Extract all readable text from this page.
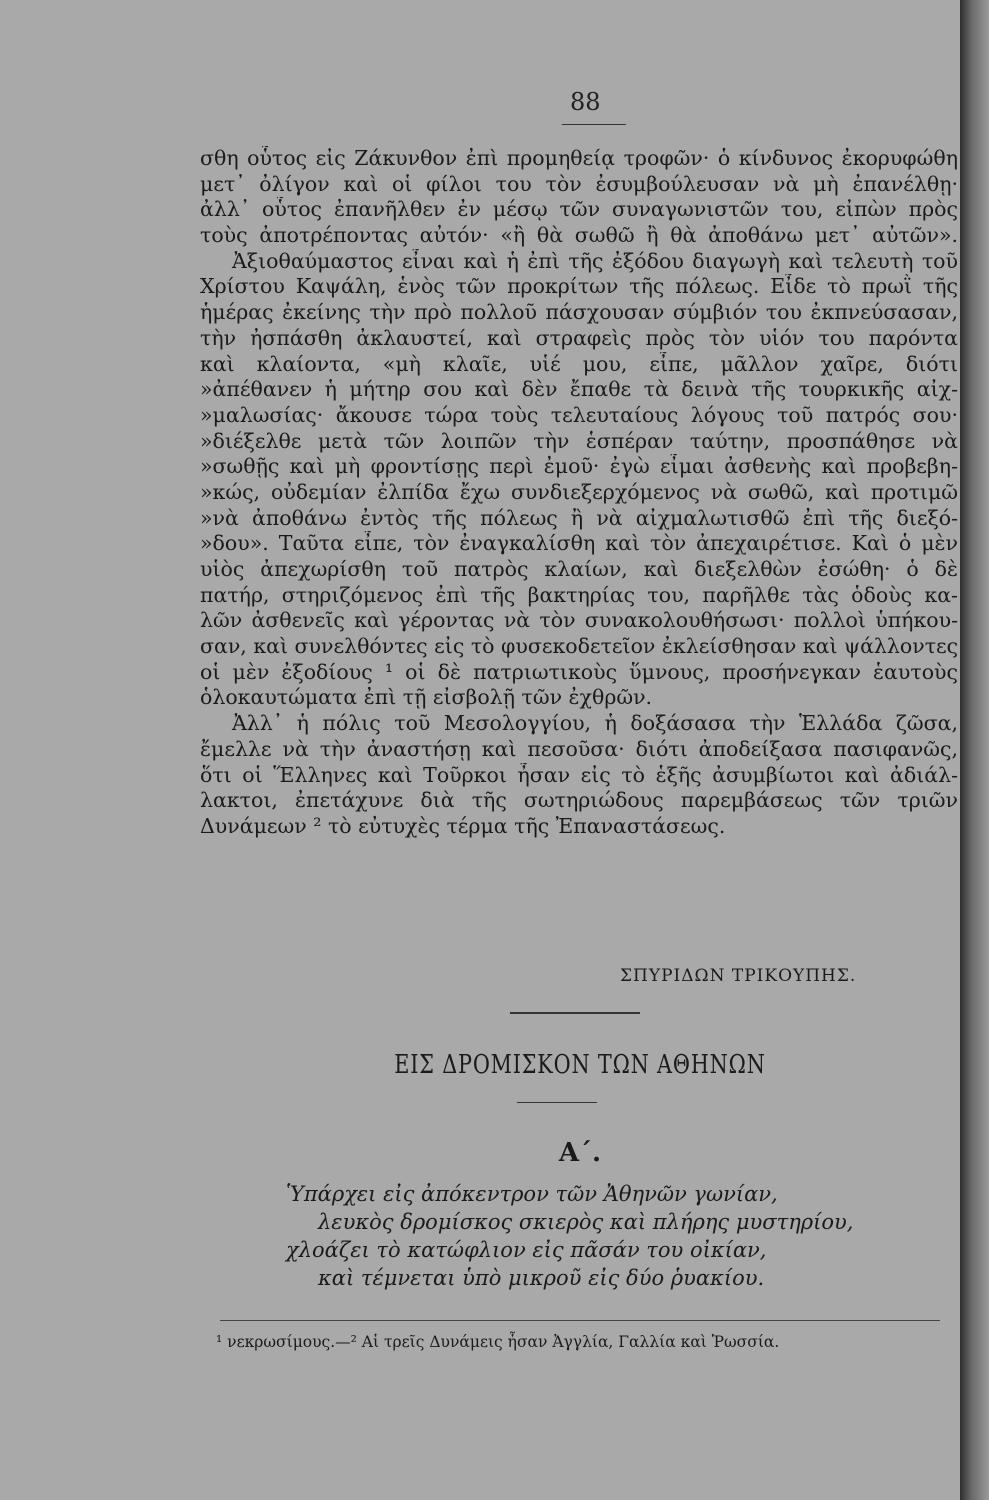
88
σθη οὗτος εἰς Ζάκυνθον ἐπὶ προμηθείᾳ τροφῶν· ὁ κίνδυνος ἐκορυφώθη
μετ᾽ ὀλίγον καὶ οἱ φίλοι του τὸν ἐσυμβούλευσαν νὰ μὴ ἐπανέλθῃ·
ἀλλ᾽ οὗτος ἐπανῆλθεν ἐν μέσῳ τῶν συναγωνιστῶν του, εἰπὼν πρὸς
τοὺς ἀποτρέποντας αὐτόν· «ἢ θὰ σωθῶ ἢ θὰ ἀποθάνω μετ᾽ αὐτῶν».
Ἀξιοθαύμαστος εἶναι καὶ ἡ ἐπὶ τῆς ἐξόδου διαγωγὴ καὶ τελευτὴ τοῦ
Χρίστου Καψάλη, ἑνὸς τῶν προκρίτων τῆς πόλεως. Εἶδε τὸ πρωῒ τῆς
ἡμέρας ἐκείνης τὴν πρὸ πολλοῦ πάσχουσαν σύμβιόν του ἐκπνεύσασαν,
τὴν ἠσπάσθη ἀκλαυστεί, καὶ στραφεὶς πρὸς τὸν υἱόν του παρόντα
καὶ κλαίοντα, «μὴ κλαῖε, υἱέ μου, εἶπε, μᾶλλον χαῖρε, διότι
»ἀπέθανεν ἡ μήτηρ σου καὶ δὲν ἔπαθε τὰ δεινὰ τῆς τουρκικῆς αἰχ-
»μαλωσίας· ἄκουσε τώρα τοὺς τελευταίους λόγους τοῦ πατρός σου·
»διέξελθε μετὰ τῶν λοιπῶν τὴν ἑσπέραν ταύτην, προσπάθησε νὰ
»σωθῇς καὶ μὴ φροντίσῃς περὶ ἐμοῦ· ἐγὼ εἶμαι ἀσθενὴς καὶ προβεβη-
»κώς, οὐδεμίαν ἐλπίδα ἔχω συνδιεξερχόμενος νὰ σωθῶ, καὶ προτιμῶ
»νὰ ἀποθάνω ἐντὸς τῆς πόλεως ἢ νὰ αἰχμαλωτισθῶ ἐπὶ τῆς διεξό-
»δου». Ταῦτα εἶπε, τὸν ἐναγκαλίσθη καὶ τὸν ἀπεχαιρέτισε. Καὶ ὁ μὲν
υἱὸς ἀπεχωρίσθη τοῦ πατρὸς κλαίων, καὶ διεξελθὼν ἐσώθη· ὁ δὲ
πατήρ, στηριζόμενος ἐπὶ τῆς βακτηρίας του, παρῆλθε τὰς ὁδοὺς κα-
λῶν ἀσθενεῖς καὶ γέροντας νὰ τὸν συνακολουθήσωσι· πολλοὶ ὑπήκου-
σαν, καὶ συνελθόντες εἰς τὸ φυσεκοδετεῖον ἐκλείσθησαν καὶ ψάλλοντες
οἱ μὲν ἐξοδίους ¹ οἱ δὲ πατριωτικοὺς ὕμνους, προσήνεγκαν ἑαυτοὺς
ὁλοκαυτώματα ἐπὶ τῇ εἰσβολῇ τῶν ἐχθρῶν.
Ἀλλ᾽ ἡ πόλις τοῦ Μεσολογγίου, ἡ δοξάσασα τὴν Ἑλλάδα ζῶσα,
ἔμελλε νὰ τὴν ἀναστήσῃ καὶ πεσοῦσα· διότι ἀποδείξασα πασιφανῶς,
ὅτι οἱ Ἕλληνες καὶ Τοῦρκοι ἦσαν εἰς τὸ ἑξῆς ἀσυμβίωτοι καὶ ἀδιάλ-
λακτοι, ἐπετάχυνε διὰ τῆς σωτηριώδους παρεμβάσεως τῶν τριῶν
Δυνάμεων ² τὸ εὐτυχὲς τέρμα τῆς Ἐπαναστάσεως.
ΣΠΥΡΙΔΩΝ ΤΡΙΚΟΥΠΗΣ.
ΕΙΣ ΔΡΟΜΙΣΚΟΝ ΤΩΝ ΑΘΗΝΩΝ
Α΄.
Ὑπάρχει εἰς ἀπόκεντρον τῶν Ἀθηνῶν γωνίαν,
λευκὸς δρομίσκος σκιερὸς καὶ πλήρης μυστηρίου,
χλοάζει τὸ κατώφλιον εἰς πᾶσάν του οἰκίαν,
καὶ τέμνεται ὑπὸ μικροῦ εἰς δύο ῥυακίου.
¹ νεκρωσίμους.—² Αἱ τρεῖς Δυνάμεις ἦσαν Ἀγγλία, Γαλλία καὶ Ῥωσσία.
